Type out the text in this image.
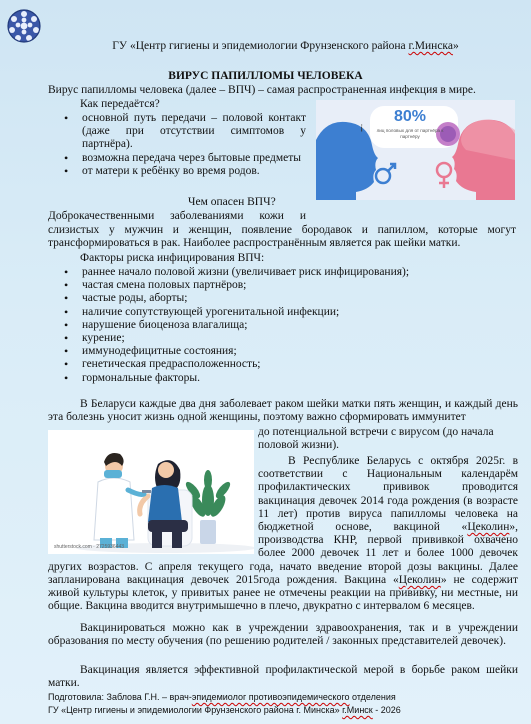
ГУ «Центр гигиены и эпидемиологии Фрунзенского района г.Минска»
ВИРУС ПАПИЛЛОМЫ ЧЕЛОВЕКА
Вирус папилломы человека (далее – ВПЧ) – самая распространенная инфекция в мире.
Как передаётся?
• основной путь передачи – половой контакт (даже при отсутствии симптомов у партнёра).
• возможна передача через бытовые предметы
• от матери к ребёнку во время родов.
Чем опасен ВПЧ?
Доброкачественными заболеваниями кожи и
слизистых у мужчин и женщин, появление бородавок и папиллом, которые могут трансформироваться в рак. Наиболее распространённым является рак шейки матки.
¡
80%
лиц половых для от партнёра к партнёру
Факторы риска инфицирования ВПЧ:
• раннее начало половой жизни (увеличивает риск инфицирования);
• частая смена половых партнёров;
• частые роды, аборты;
• наличие сопутствующей урогенитальной инфекции;
• нарушение биоценоза влагалища;
• курение;
• иммунодефицитные состояния;
• генетическая предрасположенность;
• гормональные факторы.
В Беларуси каждые два дня заболевает раком шейки матки пять женщин, и каждый день эта болезнь уносит жизнь одной женщины, поэтому важно сформировать иммунитет
shutterstock.com · 2725936443
до потенциальной встречи с вирусом (до начала половой жизни).
В Республике Беларусь с октября 2025г. в соответствии с Национальным календарём профилактических прививок проводится вакцинация девочек 2014 года рождения (в возрасте 11 лет) против вируса папилломы человека на бюджетной основе, вакциной «Цеколин», производства КНР, первой прививкой охвачено более 2000 девочек 11 лет и более 1000 девочек других возрастов. С апреля текущего года, начато введение второй дозы вакцины. Далее запланирована вакцинация девочек 2015года рождения. Вакцина «Цеколин» не содержит живой культуры клеток, у привитых ранее не отмечены реакции на прививку, ни местные, ни общие. Вакцина вводится внутримышечно в плечо, двукратно с интервалом 6 месяцев.
Вакцинироваться можно как в учреждении здравоохранения, так и в учреждении образования по месту обучения (по решению родителей / законных представителей девочек).
Вакцинация является эффективной профилактической мерой в борьбе раком шейки матки.
Подготовила: Заблова Г.Н. – врач-эпидемиолог противоэпидемического отделения
ГУ «Центр гигиены и эпидемиологии Фрунзенского района г. Минска» г.Минск - 2026
